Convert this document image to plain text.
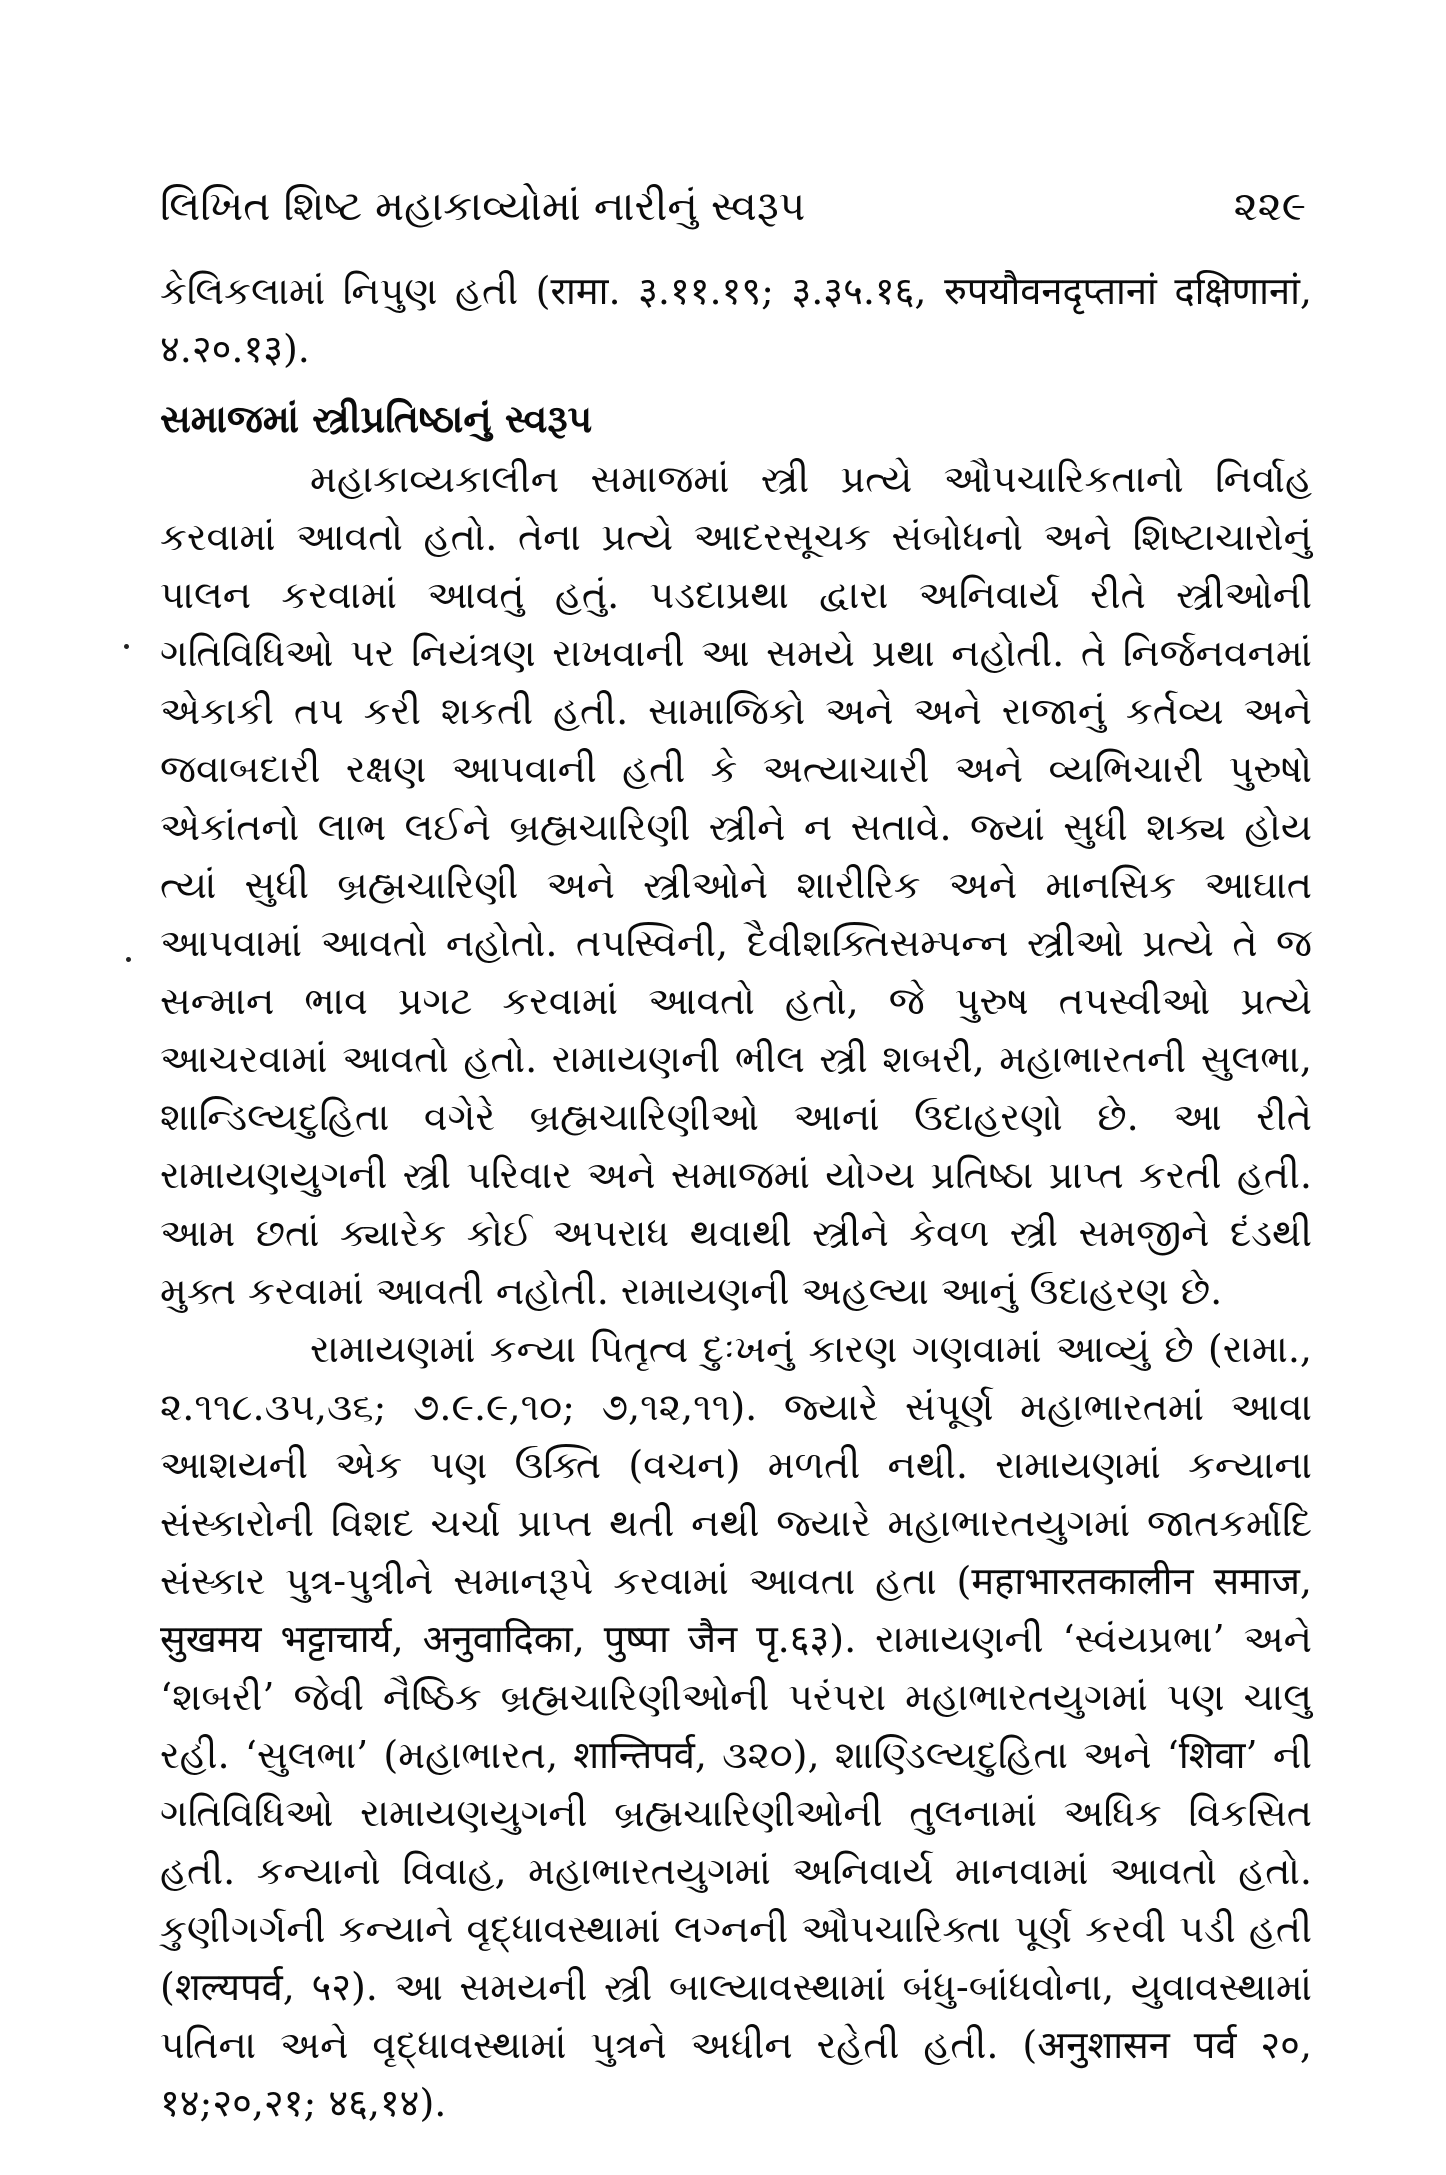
લિખિત શિષ્ટ મહાકાવ્યોમાં નારીનું સ્વરૂપ	૨૨૯

કેલિકલામાં નિપુણ હતી (रामा. ३.११.१९; ३.३५.१६, रुपयौवनदृप्तानां दक्षिणानां, ४.२०.१३).

સમાજમાં સ્ત્રીપ્રતિષ્ઠાનું સ્વરૂપ

મહાકાવ્યકાલીન સમાજમાં સ્ત્રી પ્રત્યે ઔપચારિકતાનો નિર્વાહ કરવામાં આવતો હતો. તેના પ્રત્યે આદરસૂચક સંબોધનો અને શિષ્ટાચારોનું પાલન કરવામાં આવતું હતું. પડદાપ્રથા દ્વારા અનિવાર્ય રીતે સ્ત્રીઓની ગતિવિધિઓ પર નિયંત્રણ રાખવાની આ સમયે પ્રથા નહોતી. તે નિર્જનવનમાં એકાકી તપ કરી શકતી હતી. સામાજિકો અને અને રાજાનું કર્તવ્ય અને જવાબદારી રક્ષણ આપવાની હતી કે અત્યાચારી અને વ્યભિચારી પુરુષો એકાંતનો લાભ લઈને બ્રહ્મચારિણી સ્ત્રીને ન સતાવે. જ્યાં સુધી શક્ય હોય ત્યાં સુધી બ્રહ્મચારિણી અને સ્ત્રીઓને શારીરિક અને માનસિક આઘાત આપવામાં આવતો નહોતો. તપસ્વિની, દૈવીશક્તિસમ્પન્ન સ્ત્રીઓ પ્રત્યે તે જ સન્માન ભાવ પ્રગટ કરવામાં આવતો હતો, જે પુરુષ તપસ્વીઓ પ્રત્યે આચરવામાં આવતો હતો. રામાયણની ભીલ સ્ત્રી શબરી, મહાભારતની સુલભા, શાન્ડિલ્યદુહિતા વગેરે બ્રહ્મચારિણીઓ આનાં ઉદાહરણો છે. આ રીતે રામાયણયુગની સ્ત્રી પરિવાર અને સમાજમાં યોગ્ય પ્રતિષ્ઠા પ્રાપ્ત કરતી હતી. આમ છતાં ક્યારેક કોઈ અપરાધ થવાથી સ્ત્રીને કેવળ સ્ત્રી સમજીને દંડથી મુક્ત કરવામાં આવતી નહોતી. રામાયણની અહલ્યા આનું ઉદાહરણ છે.

રામાયણમાં કન્યા પિતૃત્વ દુઃખનું કારણ ગણવામાં આવ્યું છે (રામા., ૨.૧૧૮.૩૫,૩૬; ૭.૯.૯,૧૦; ૭,૧૨,૧૧). જ્યારે સંપૂર્ણ મહાભારતમાં આવા આશયની એક પણ ઉક્તિ (વચન) મળતી નથી. રામાયણમાં કન્યાના સંસ્કારોની વિશદ ચર્ચા પ્રાપ્ત થતી નથી જ્યારે મહાભારતયુગમાં જાતકર્માદિ સંસ્કાર પુત્ર-પુત્રીને સમાનરૂપે કરવામાં આવતા હતા (महाभारतकालीन समाज, सुखमय भट्टाचार्य, अनुवादिका, पुष्पा जैन पृ.६३). રામાયણની ‘સ્વંયપ્રભા’ અને ‘શબરી’ જેવી નૈષ્ઠિક બ્રહ્મચારિણીઓની પરંપરા મહાભારતયુગમાં પણ ચાલુ રહી. ‘સુલભા’ (મહાભારત, शान्तिपर्व, ૩૨૦), શાણ્ડિલ્યદુહિતા અને ‘शिवा’ ની ગતિવિધિઓ રામાયણયુગની બ્રહ્મચારિણીઓની તુલનામાં અધિક વિકસિત હતી. કન્યાનો વિવાહ, મહાભારતયુગમાં અનિવાર્ય માનવામાં આવતો હતો. કુણીગર્ગની કન્યાને વૃદ્ધાવસ્થામાં લગ્નની ઔપચારિક્તા પૂર્ણ કરવી પડી હતી (शल्यपर्व, ५२). આ સમયની સ્ત્રી બાલ્યાવસ્થામાં બંધુ-બાંધવોના, યુવાવસ્થામાં પતિના અને વૃદ્ધાવસ્થામાં પુત્રને અધીન રહેતી હતી. (अनुशासन पर्व २०, १४;२०,२१; ४६,१४).
